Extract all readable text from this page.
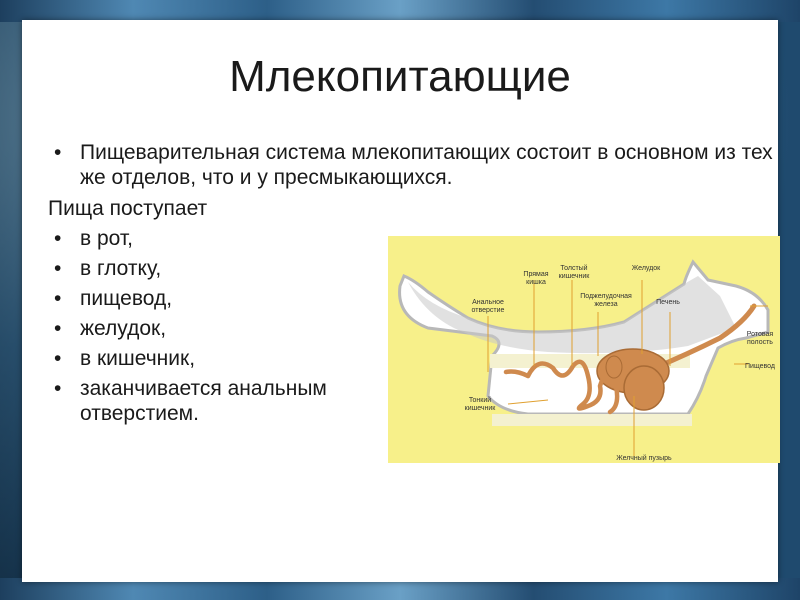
Млекопитающие

• Пищеварительная система млекопитающих состоит в основном из тех же отделов, что и у пресмыкающихся.

Пища поступает

• в рот,

• в глотку,

• пищевод,

• желудок,

• в кишечник,

• заканчивается анальным отверстием.

Прямая
кишка
Толстый
кишечник
Желудок
Анальное
отверстие
Поджелудочная
железа	Печень
Ротовая
полость
Пищевод
Тонкий
кишечник
Желчный пузырь
